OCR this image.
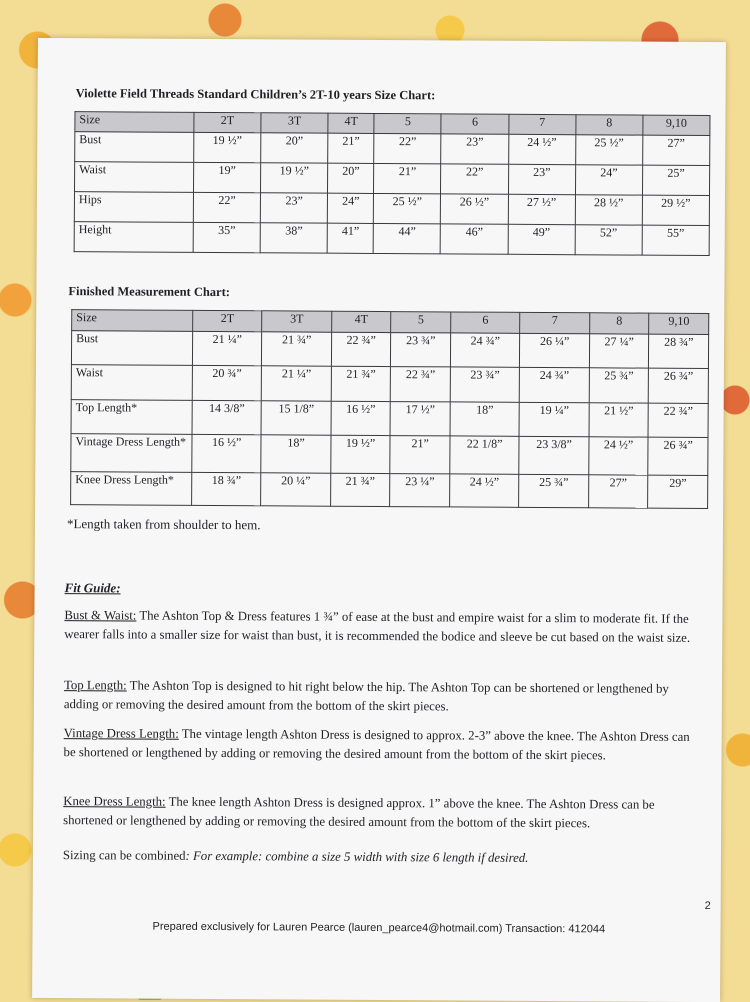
Violette Field Threads Standard Children’s 2T-10 years Size Chart:
Size	2T	3T	4T	5	6	7	8	9,10
Bust	19 ½”	20”	21”	22”	23”	24 ½”	25 ½”	27”
Waist	19”	19 ½”	20”	21”	22”	23”	24”	25”
Hips	22”	23”	24”	25 ½”	26 ½”	27 ½”	28 ½”	29 ½”
Height	35”	38”	41”	44”	46”	49”	52”	55”
Finished Measurement Chart:
Size	2T	3T	4T	5	6	7	8	9,10
Bust	21 ¼”	21 ¾”	22 ¾”	23 ¾”	24 ¾”	26 ¼”	27 ¼”	28 ¾”
Waist	20 ¾”	21 ¼”	21 ¾”	22 ¾”	23 ¾”	24 ¾”	25 ¾”	26 ¾”
Top Length*	14 3/8”	15 1/8”	16 ½”	17 ½”	18”	19 ¼”	21 ½”	22 ¾”
Vintage Dress Length*	16 ½”	18”	19 ½”	21”	22 1/8”	23 3/8”	24 ½”	26 ¾”
Knee Dress Length*	18 ¾”	20 ¼”	21 ¾”	23 ¼”	24 ½”	25 ¾”	27”	29”
*Length taken from shoulder to hem.
Fit Guide:
Bust & Waist: The Ashton Top & Dress features 1 ¾” of ease at the bust and empire waist for a slim to moderate fit. If the wearer falls into a smaller size for waist than bust, it is recommended the bodice and sleeve be cut based on the waist size.
Top Length: The Ashton Top is designed to hit right below the hip. The Ashton Top can be shortened or lengthened by adding or removing the desired amount from the bottom of the skirt pieces.
Vintage Dress Length: The vintage length Ashton Dress is designed to approx. 2-3” above the knee. The Ashton Dress can be shortened or lengthened by adding or removing the desired amount from the bottom of the skirt pieces.
Knee Dress Length: The knee length Ashton Dress is designed approx. 1” above the knee. The Ashton Dress can be shortened or lengthened by adding or removing the desired amount from the bottom of the skirt pieces.
Sizing can be combined: For example: combine a size 5 width with size 6 length if desired.
2
Prepared exclusively for Lauren Pearce (lauren_pearce4@hotmail.com) Transaction: 412044
